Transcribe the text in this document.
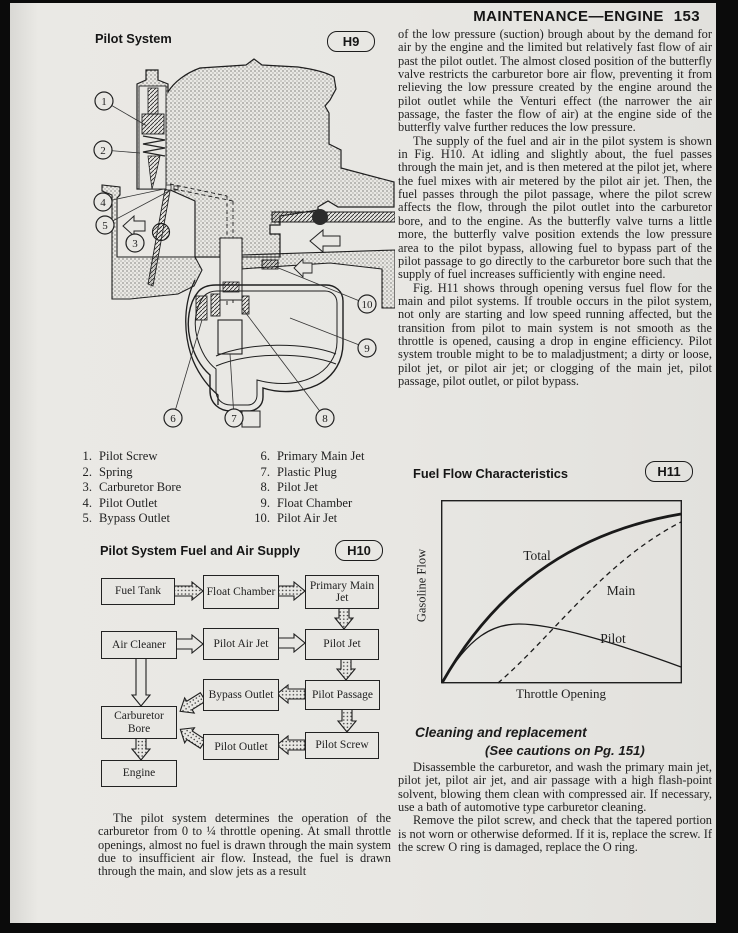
MAINTENANCE—ENGINE 153
Pilot System	H9
1
2
4
5
3
6	7	8
9
10
1. Pilot Screw
2. Spring
3. Carburetor Bore
4. Pilot Outlet
5. Bypass Outlet
6. Primary Main Jet
7. Plastic Plug
8. Pilot Jet
9. Float Chamber
10. Pilot Air Jet
Pilot System Fuel and Air Supply	H10
Fuel Tank	Float Chamber
Primary Main Jet
Air Cleaner	Pilot Air Jet	Pilot Jet
Bypass Outlet	Pilot Passage
Carburetor Bore
Pilot Outlet	Pilot Screw
Engine

The pilot system determines the operation of the carburetor from 0 to ¼ throttle opening. At small throttle openings, almost no fuel is drawn through the main system due to insufficient air flow. Instead, the fuel is drawn through the main, and slow jets as a result

of the low pressure (suction) brough about by the demand for air by the engine and the limited but relatively fast flow of air past the pilot outlet. The almost closed position of the butterfly valve restricts the carburetor bore air flow, preventing it from relieving the low pressure created by the engine around the pilot outlet while the Venturi effect (the narrower the air passage, the faster the flow of air) at the engine side of the butterfly valve further reduces the low pressure.

The supply of the fuel and air in the pilot system is shown in Fig. H10. At idling and slightly about, the fuel passes through the main jet, and is then metered at the pilot jet, where the fuel mixes with air metered by the pilot air jet. Then, the fuel passes through the pilot passage, where the pilot screw affects the flow, through the pilot outlet into the carburetor bore, and to the engine. As the butterfly valve turns a little more, the butterfly valve position extends the low pressure area to the pilot bypass, allowing fuel to bypass part of the pilot passage to go directly to the carburetor bore such that the supply of fuel increases sufficiently with engine need.

Fig. H11 shows through opening versus fuel flow for the main and pilot systems. If trouble occurs in the pilot system, not only are starting and low speed running affected, but the transition from pilot to main system is not smooth as the throttle is opened, causing a drop in engine efficiency. Pilot system trouble might to be to maladjustment; a dirty or loose, pilot jet, or pilot air jet; or clogging of the main jet, pilot passage, pilot outlet, or pilot bypass.

Fuel Flow Characteristics	H11
Gasoline Flow	Total
Main
Pilot
Throttle Opening
Cleaning and replacement
(See cautions on Pg. 151)

Disassemble the carburetor, and wash the primary main jet, pilot jet, pilot air jet, and air passage with a high flash-point solvent, blowing them clean with compressed air. If necessary, use a bath of automotive type carburetor cleaning.

Remove the pilot screw, and check that the tapered portion is not worn or otherwise deformed. If it is, replace the screw. If the screw O ring is damaged, replace the O ring.
